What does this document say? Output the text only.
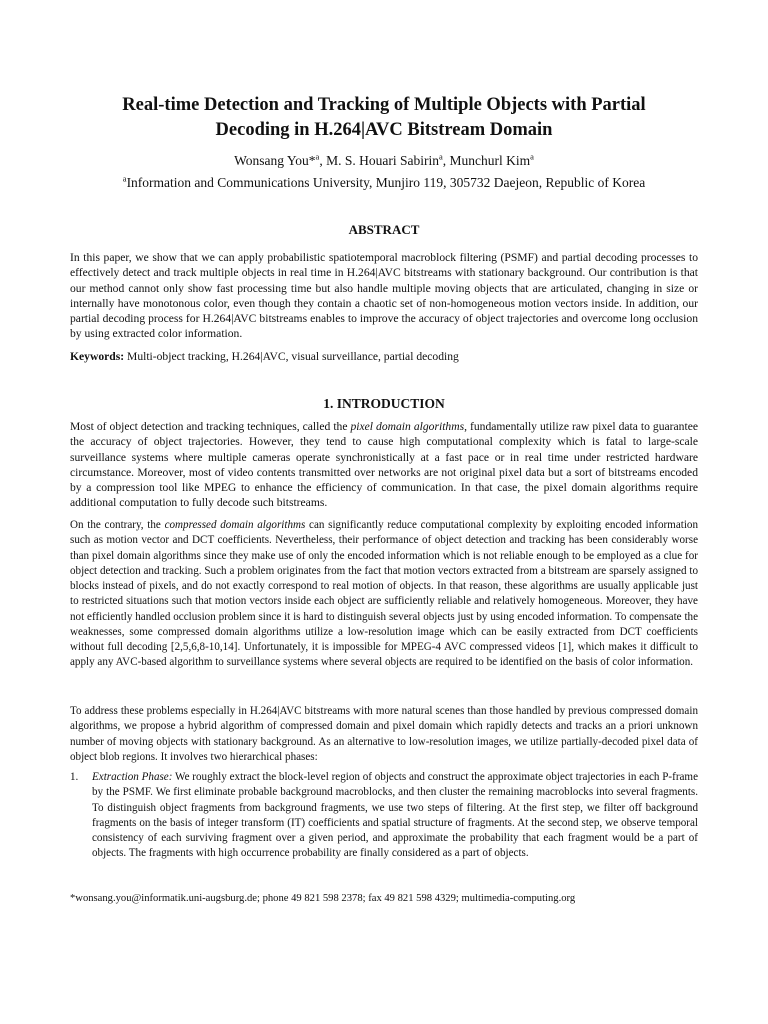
Real-time Detection and Tracking of Multiple Objects with Partial
Decoding in H.264|AVC Bitstream Domain
Wonsang You*$^a$, M. S. Houari Sabirin$^a$, Munchurl Kim$^a$
$^a$Information and Communications University, Munjiro 119, 305732 Daejeon, Republic of Korea
ABSTRACT
In this paper, we show that we can apply probabilistic spatiotemporal macroblock filtering (PSMF) and partial decoding processes to effectively detect and track multiple objects in real time in H.264|AVC bitstreams with stationary background. Our contribution is that our method cannot only show fast processing time but also handle multiple moving objects that are articulated, changing in size or internally have monotonous color, even though they contain a chaotic set of non-homogeneous motion vectors inside. In addition, our partial decoding process for H.264|AVC bitstreams enables to improve the accuracy of object trajectories and overcome long occlusion by using extracted color information.
Keywords: Multi-object tracking, H.264|AVC, visual surveillance, partial decoding
1. INTRODUCTION
Most of object detection and tracking techniques, called the pixel domain algorithms, fundamentally utilize raw pixel data to guarantee the accuracy of object trajectories. However, they tend to cause high computational complexity which is fatal to large-scale surveillance systems where multiple cameras operate synchronistically at a fast pace or in real time under restricted hardware circumstance. Moreover, most of video contents transmitted over networks are not original pixel data but a sort of bitstreams encoded by a compression tool like MPEG to enhance the efficiency of communication. In that case, the pixel domain algorithms require additional computation to fully decode such bitstreams.
On the contrary, the compressed domain algorithms can significantly reduce computational complexity by exploiting encoded information such as motion vector and DCT coefficients. Nevertheless, their performance of object detection and tracking has been considerably worse than pixel domain algorithms since they make use of only the encoded information which is not reliable enough to be employed as a clue for object detection and tracking. Such a problem originates from the fact that motion vectors extracted from a bitstream are sparsely assigned to blocks instead of pixels, and do not exactly correspond to real motion of objects. In that reason, these algorithms are usually applicable just to restricted situations such that motion vectors inside each object are sufficiently reliable and relatively homogeneous. Moreover, they have not efficiently handled occlusion problem since it is hard to distinguish several objects just by using encoded information. To compensate the weaknesses, some compressed domain algorithms utilize a low-resolution image which can be easily extracted from DCT coefficients without full decoding [2,5,6,8-10,14]. Unfortunately, it is impossible for MPEG-4 AVC compressed videos [1], which makes it difficult to apply any AVC-based algorithm to surveillance systems where several objects are required to be identified on the basis of color information.
To address these problems especially in H.264|AVC bitstreams with more natural scenes than those handled by previous compressed domain algorithms, we propose a hybrid algorithm of compressed domain and pixel domain which rapidly detects and tracks an a priori unknown number of moving objects with stationary background. As an alternative to low-resolution images, we utilize partially-decoded pixel data of object blob regions. It involves two hierarchical phases:
1. Extraction Phase: We roughly extract the block-level region of objects and construct the approximate object trajectories in each P-frame by the PSMF. We first eliminate probable background macroblocks, and then cluster the remaining macroblocks into several fragments. To distinguish object fragments from background fragments, we use two steps of filtering. At the first step, we filter off background fragments on the basis of integer transform (IT) coefficients and spatial structure of fragments. At the second step, we observe temporal consistency of each surviving fragment over a given period, and approximate the probability that each fragment would be a part of objects. The fragments with high occurrence probability are finally considered as a part of objects.
*wonsang.you@informatik.uni-augsburg.de; phone 49 821 598 2378; fax 49 821 598 4329; multimedia-computing.org
